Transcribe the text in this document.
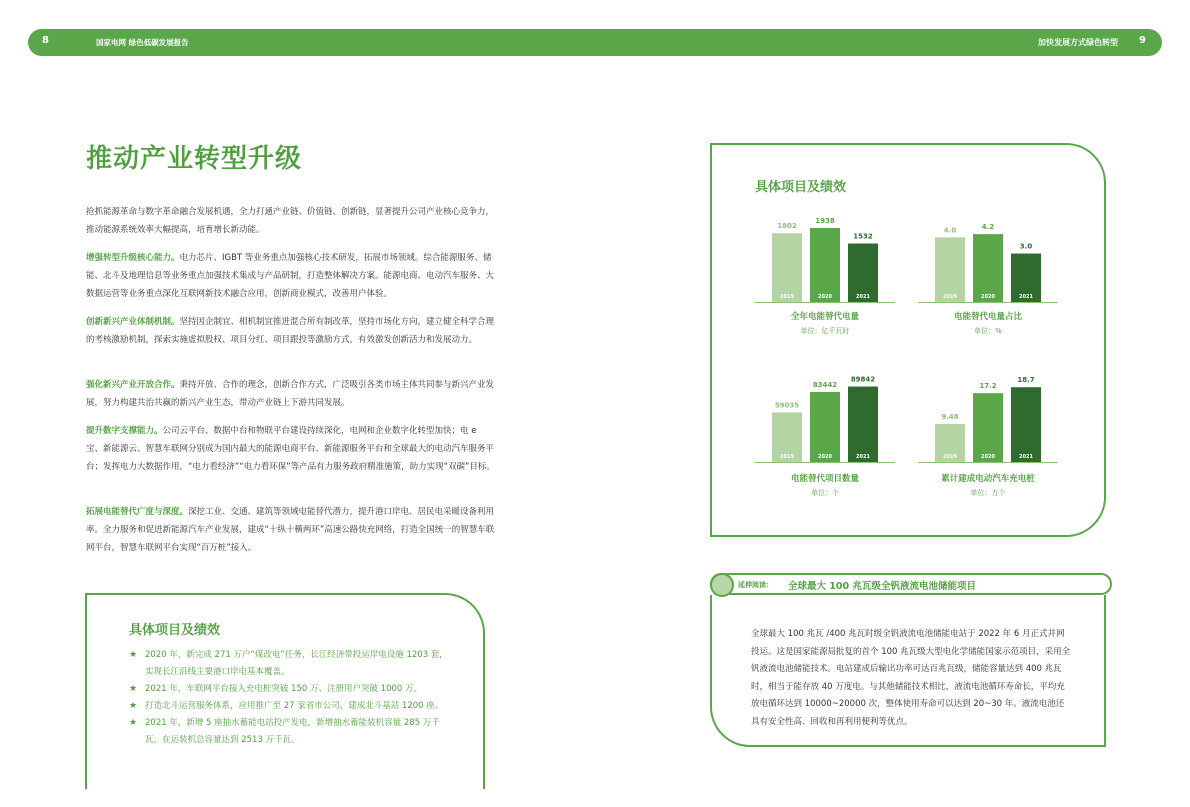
8	国家电网 绿色低碳发展报告	加快发展方式绿色转型 9
推动产业转型升级
抢抓能源革命与数字革命融合发展机遇，全力打通产业链、价值链、创新链，显著提升公司产业核心竞争力，推动能源系统效率大幅提高，培育增长新动能。
增强转型升级核心能力。电力芯片、IGBT 等业务重点加强核心技术研发，拓展市场领域。综合能源服务、储能、北斗及地理信息等业务重点加强技术集成与产品研制，打造整体解决方案。能源电商、电动汽车服务、大数据运营等业务重点深化互联网新技术融合应用，创新商业模式，改善用户体验。
创新新兴产业体制机制。坚持因企制宜、相机制宜推进混合所有制改革，坚持市场化方向，建立健全科学合理的考核激励机制，探索实施虚拟股权、项目分红、项目跟投等激励方式，有效激发创新活力和发展动力。
强化新兴产业开放合作。秉持开放、合作的理念，创新合作方式，广泛吸引各类市场主体共同参与新兴产业发展，努力构建共治共赢的新兴产业生态，带动产业链上下游共同发展。
提升数字支撑能力。公司云平台、数据中台和物联平台建设持续深化，电网和企业数字化转型加快；电 e 宝、新能源云、智慧车联网分别成为国内最大的能源电商平台、新能源服务平台和全球最大的电动汽车服务平台；发挥电力大数据作用，“电力看经济”“电力看环保”等产品有力服务政府精准施策，助力实现“双碳”目标。
拓展电能替代广度与深度。深挖工业、交通、建筑等领域电能替代潜力，提升港口岸电、居民电采暖设备利用率。全力服务和促进新能源汽车产业发展，建成“十纵十横两环”高速公路快充网络，打造全国统一的智慧车联网平台，智慧车联网平台实现“百万桩”接入。
具体项目及绩效
★ 2020 年，新完成 271 万户“煤改电”任务，长江经济带投运岸电设施 1203 套，实现长江沿线主要港口岸电基本覆盖。
★ 2021 年，车联网平台接入充电桩突破 150 万、注册用户突破 1000 万。
★ 打造北斗运营服务体系，应用推广至 27 家省市公司，建成北斗基站 1200 座。
★ 2021 年，新增 5 座抽水蓄能电站投产发电，新增抽水蓄能装机容量 285 万千瓦，在运装机总容量达到 2513 万千瓦。
具体项目及绩效
1802
2019
1938
2020
1532
2021
全年电能替代电量
单位：亿千瓦时
4.0
2019
4.2
2020
3.0
2021
电能替代电量占比
单位：%
59035
2019
83442
2020
89842
2021
电能替代项目数量
单位：个
9.48
2019
17.2
2020
18.7
2021
累计建成电动汽车充电桩
单位：万个
延伸阅读： 全球最大 100 兆瓦级全钒液流电池储能项目
全球最大 100 兆瓦 /400 兆瓦时级全钒液流电池储能电站于 2022 年 6 月正式并网投运。这是国家能源局批复的首个 100 兆瓦级大型电化学储能国家示范项目，采用全钒液流电池储能技术。电站建成后输出功率可达百兆瓦级，储能容量达到 400 兆瓦时，相当于能存放 40 万度电。与其他储能技术相比，液流电池循环寿命长，平均充放电循环达到 10000~20000 次，整体使用寿命可以达到 20~30 年。液流电池还具有安全性高、回收和再利用便利等优点。
